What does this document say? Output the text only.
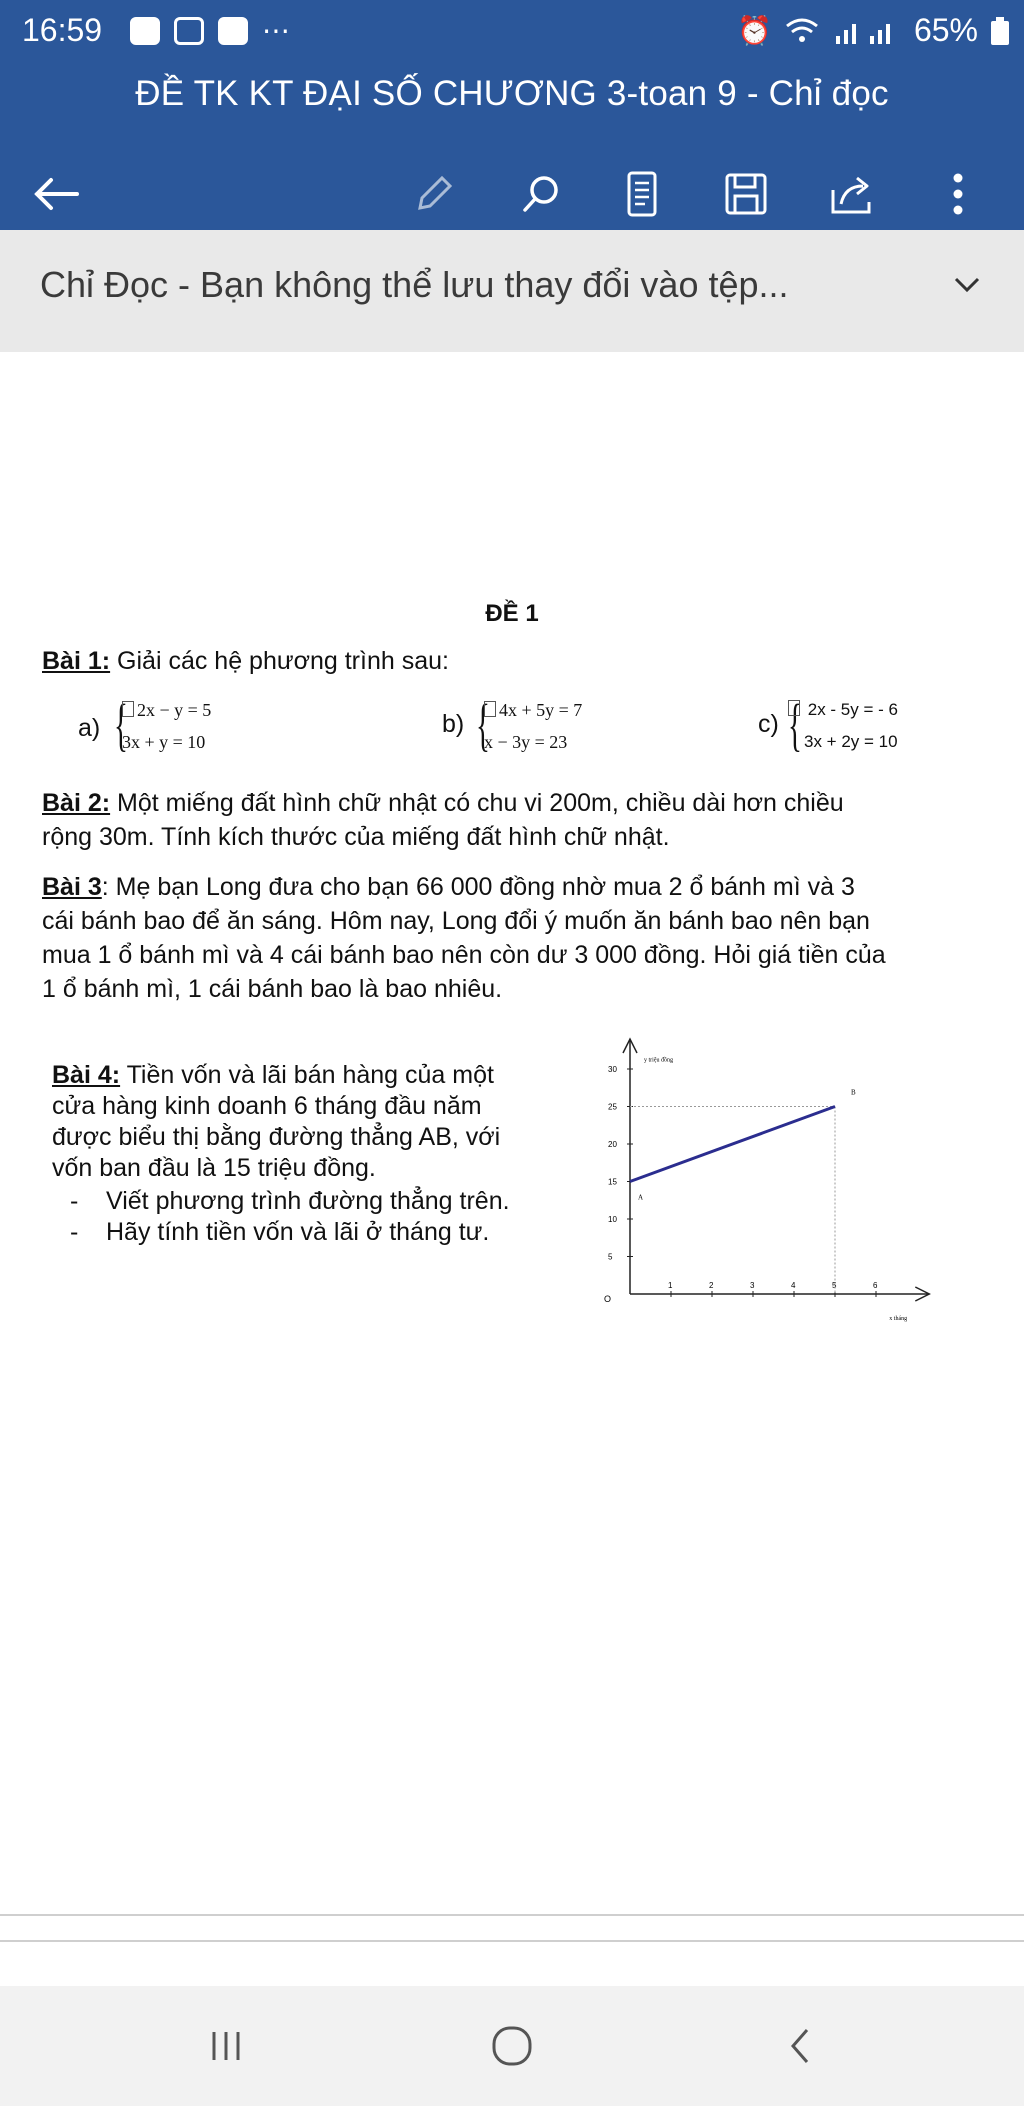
16:59	⋯	⏰	65%
ĐỀ TK KT ĐẠI SỐ CHƯƠNG 3-toan 9 - Chỉ đọc
Chỉ Đọc - Bạn không thể lưu thay đổi vào tệp...
ĐỀ 1
Bài 1: Giải các hệ phương trình sau:
a) { 2x − y = 5
3x + y = 10
b) { 4x + 5y = 7
x − 3y = 23
c) { 2x - 5y = - 6
3x + 2y = 10
Bài 2: Một miếng đất hình chữ nhật có chu vi 200m, chiều dài hơn chiều
rộng 30m. Tính kích thước của miếng đất hình chữ nhật.
Bài 3: Mẹ bạn Long đưa cho bạn 66 000 đồng nhờ mua 2 ổ bánh mì và 3
cái bánh bao để ăn sáng. Hôm nay, Long đổi ý muốn ăn bánh bao nên bạn
mua 1 ổ bánh mì và 4 cái bánh bao nên còn dư 3 000 đồng. Hỏi giá tiền của
1 ổ bánh mì, 1 cái bánh bao là bao nhiêu.
Bài 4: Tiền vốn và lãi bán hàng của một
cửa hàng kinh doanh 6 tháng đầu năm
được biểu thị bằng đường thẳng AB, với
vốn ban đầu là 15 triệu đồng.
- Viết phương trình đường thẳng trên.
- Hãy tính tiền vốn và lãi ở tháng tư.
1	2	3	4	5	6
5
10
15
20
25
30
O
y triệu đồng
x tháng
A
B
